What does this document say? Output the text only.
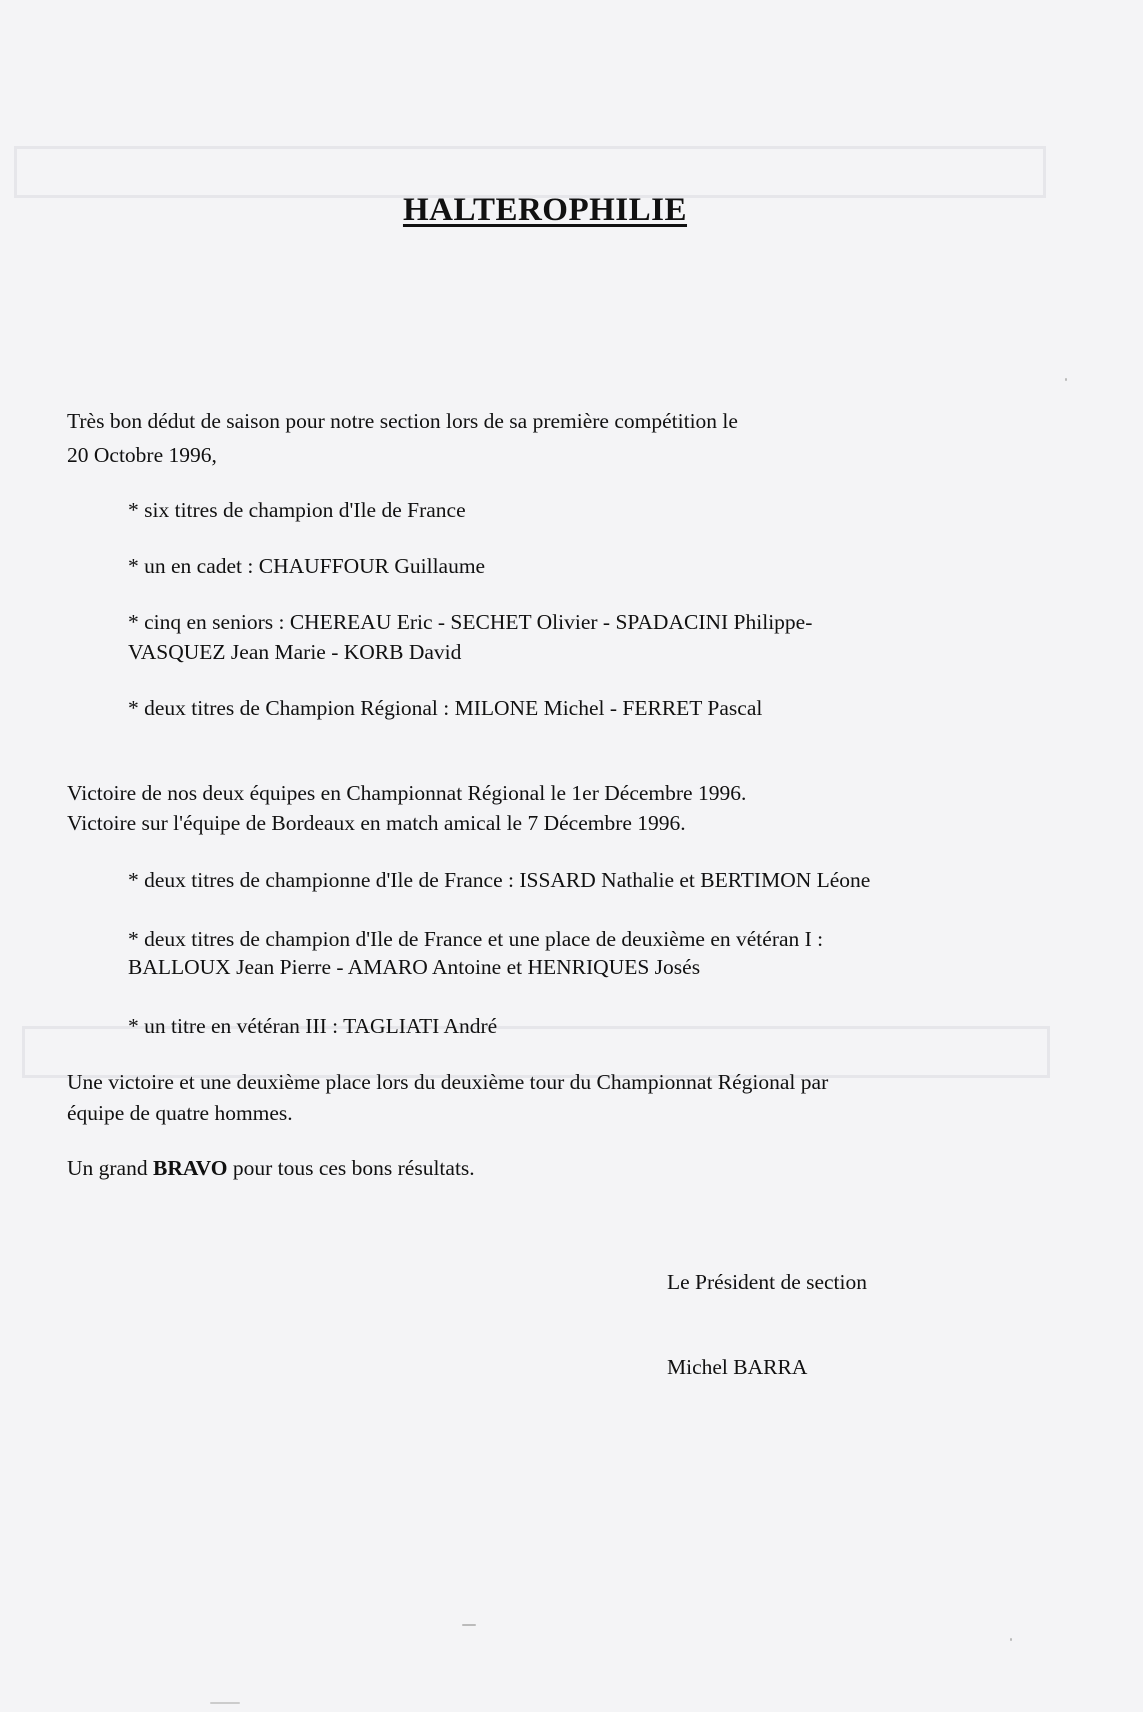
HALTEROPHILIE
Très bon dédut de saison pour notre section lors de sa première compétition le
20 Octobre 1996,
* six titres de champion d'Ile de France
* un en cadet : CHAUFFOUR Guillaume
* cinq en seniors : CHEREAU Eric - SECHET Olivier - SPADACINI Philippe-
VASQUEZ Jean Marie - KORB David
* deux titres de Champion Régional : MILONE Michel - FERRET Pascal
Victoire de nos deux équipes en Championnat Régional le 1er Décembre 1996.
Victoire sur l'équipe de Bordeaux en match amical le 7 Décembre 1996.
* deux titres de championne d'Ile de France : ISSARD Nathalie et BERTIMON Léone
* deux titres de champion d'Ile de France et une place de deuxième en vétéran I :
BALLOUX Jean Pierre - AMARO Antoine et HENRIQUES Josés
* un titre en vétéran III : TAGLIATI André
Une victoire et une deuxième place lors du deuxième tour du Championnat Régional par
équipe de quatre hommes.
Un grand BRAVO pour tous ces bons résultats.
Le Président de section
Michel BARRA
